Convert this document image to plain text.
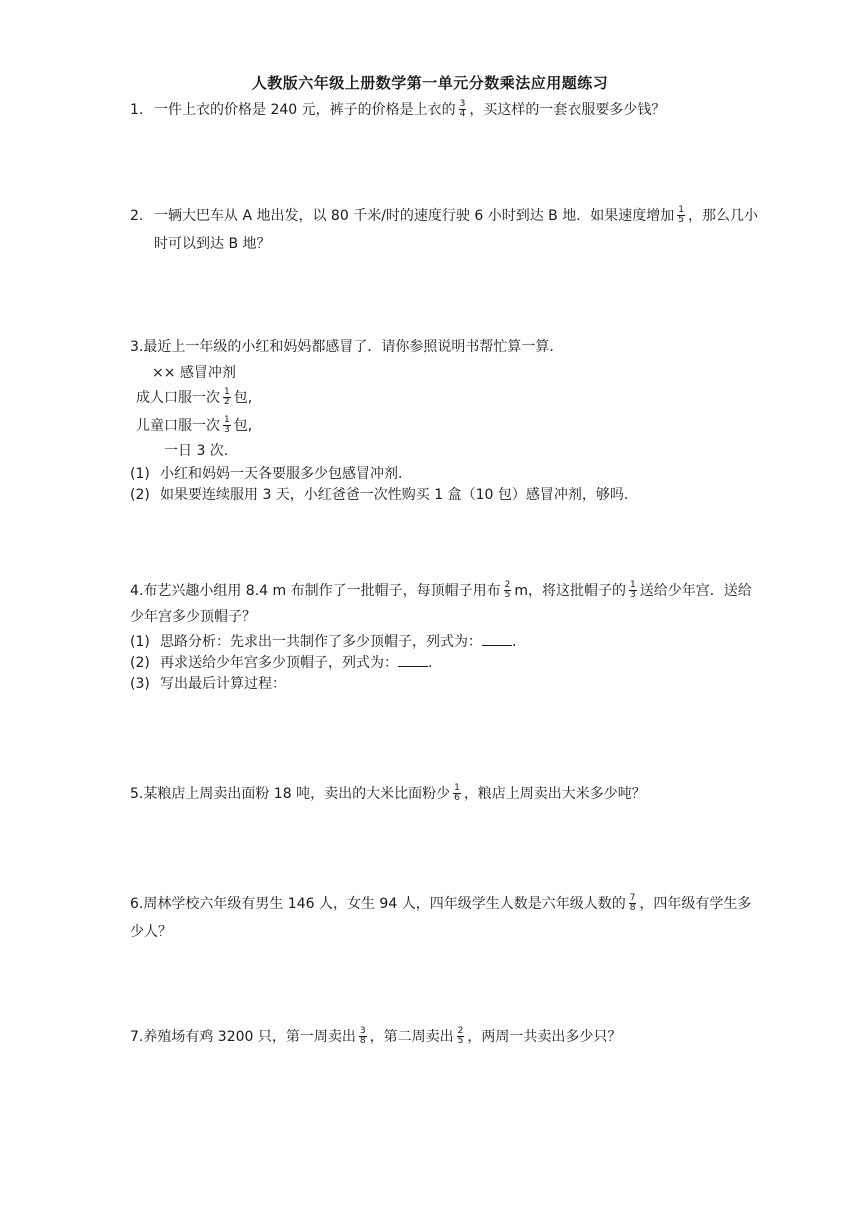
人教版六年级上册数学第一单元分数乘法应用题练习
1. 一件上衣的价格是 240 元，裤子的价格是上衣的 $\frac{3}{4}$ ，买这样的一套衣服要多少钱？
2. 一辆大巴车从 A 地出发，以 80 千米/时的速度行驶 6 小时到达 B 地．如果速度增加 $\frac{1}{5}$ ，那么几小
时可以到达 B 地？
3.最近上一年级的小红和妈妈都感冒了．请你参照说明书帮忙算一算．
×× 感冒冲剂
成人口服一次 $\frac{1}{2}$ 包,
儿童口服一次 $\frac{1}{3}$ 包,
一日 3 次.
(1) 小红和妈妈一天各要服多少包感冒冲剂.
(2) 如果要连续服用 3 天，小红爸爸一次性购买 1 盒（10 包）感冒冲剂，够吗.
4.布艺兴趣小组用 8.4 m 布制作了一批帽子，每顶帽子用布 $\frac{2}{5}$ m，将这批帽子的 $\frac{1}{3}$ 送给少年宫．送给
少年宫多少顶帽子？
(1) 思路分析：先求出一共制作了多少顶帽子，列式为： .
(2) 再求送给少年宫多少顶帽子，列式为： .
(3) 写出最后计算过程：
5.某粮店上周卖出面粉 18 吨，卖出的大米比面粉少 $\frac{1}{6}$ ，粮店上周卖出大米多少吨？
6.周林学校六年级有男生 146 人，女生 94 人，四年级学生人数是六年级人数的 $\frac{7}{8}$ ，四年级有学生多
少人？
7.养殖场有鸡 3200 只，第一周卖出 $\frac{3}{8}$ ，第二周卖出 $\frac{2}{5}$ ，两周一共卖出多少只？
